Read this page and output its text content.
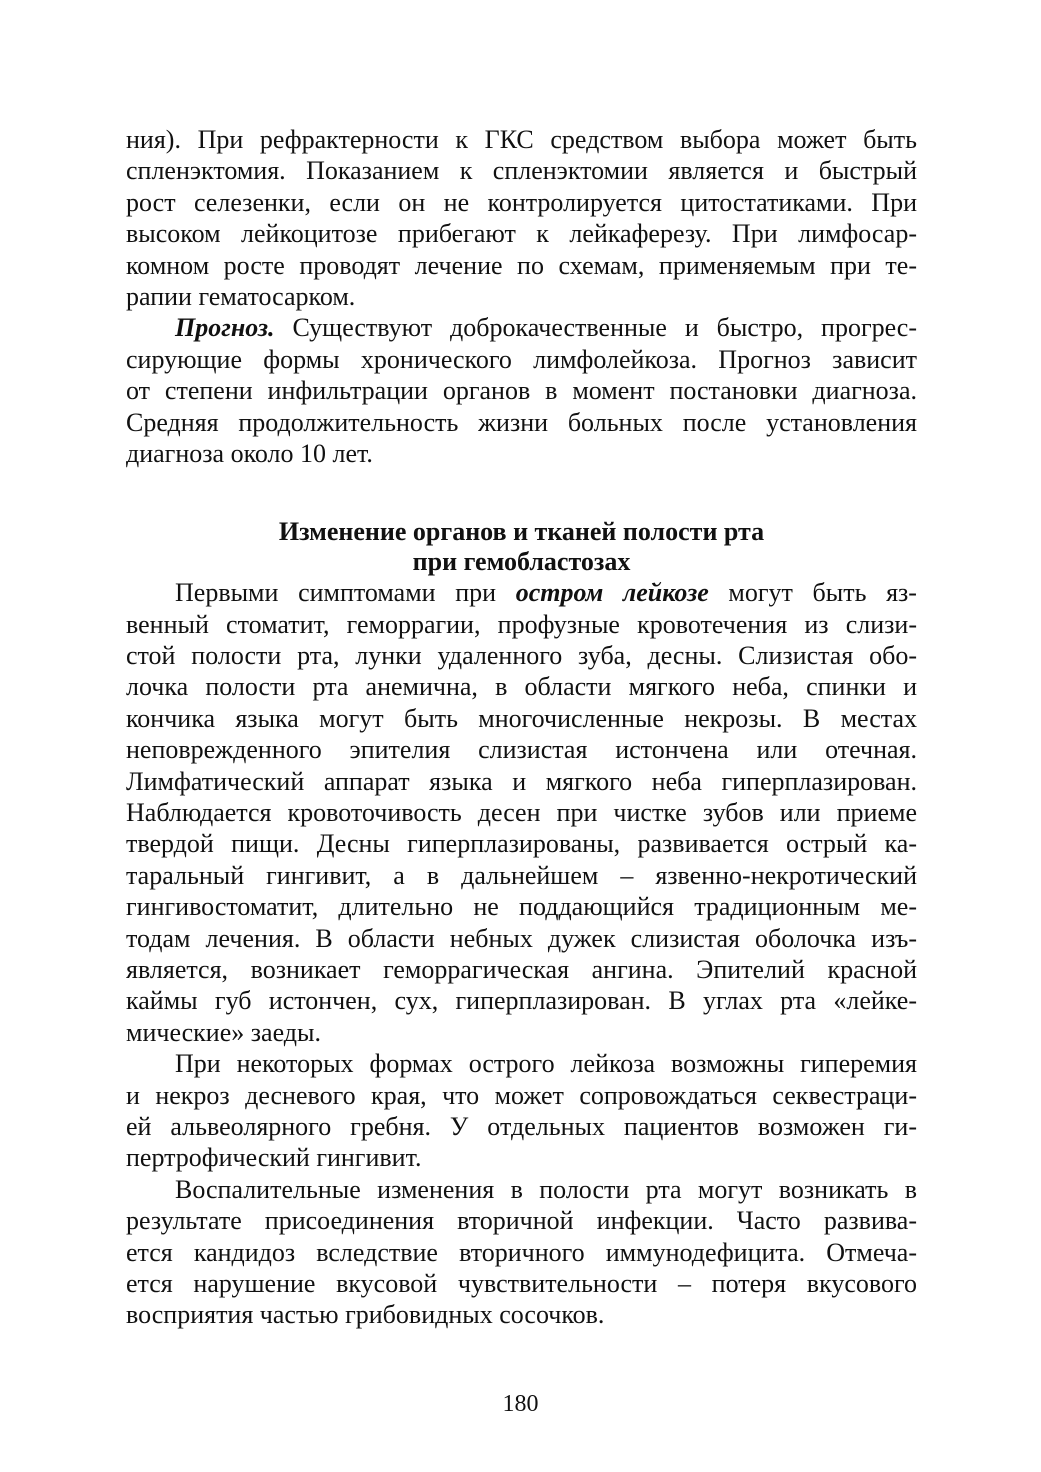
ния). При рефрактерности к ГКС средством выбора может быть
спленэктомия. Показанием к спленэктомии является и быстрый
рост селезенки, если он не контролируется цитостатиками. При
высоком лейкоцитозе прибегают к лейкаферезу. При лимфосар-
комном росте проводят лечение по схемам, применяемым при те-
рапии гематосарком.
Прогноз. Существуют доброкачественные и быстро, прогрес-
сирующие формы хронического лимфолейкоза. Прогноз зависит
от степени инфильтрации органов в момент постановки диагноза.
Средняя продолжительность жизни больных после установления
диагноза около 10 лет.
Изменение органов и тканей полости рта
при гемобластозах
Первыми симптомами при остром лейкозе могут быть яз-
венный стоматит, геморрагии, профузные кровотечения из слизи-
стой полости рта, лунки удаленного зуба, десны. Слизистая обо-
лочка полости рта анемична, в области мягкого неба, спинки и
кончика языка могут быть многочисленные некрозы. В местах
неповрежденного эпителия слизистая истончена или отечная.
Лимфатический аппарат языка и мягкого неба гиперплазирован.
Наблюдается кровоточивость десен при чистке зубов или приеме
твердой пищи. Десны гиперплазированы, развивается острый ка-
таральный гингивит, а в дальнейшем – язвенно-некротический
гингивостоматит, длительно не поддающийся традиционным ме-
тодам лечения. В области небных дужек слизистая оболочка изъ-
является, возникает геморрагическая ангина. Эпителий красной
каймы губ истончен, сух, гиперплазирован. В углах рта «лейке-
мические» заеды.
При некоторых формах острого лейкоза возможны гиперемия
и некроз десневого края, что может сопровождаться секвестраци-
ей альвеолярного гребня. У отдельных пациентов возможен ги-
пертрофический гингивит.
Воспалительные изменения в полости рта могут возникать в
результате присоединения вторичной инфекции. Часто развива-
ется кандидоз вследствие вторичного иммунодефицита. Отмеча-
ется нарушение вкусовой чувствительности – потеря вкусового
восприятия частью грибовидных сосочков.
180
